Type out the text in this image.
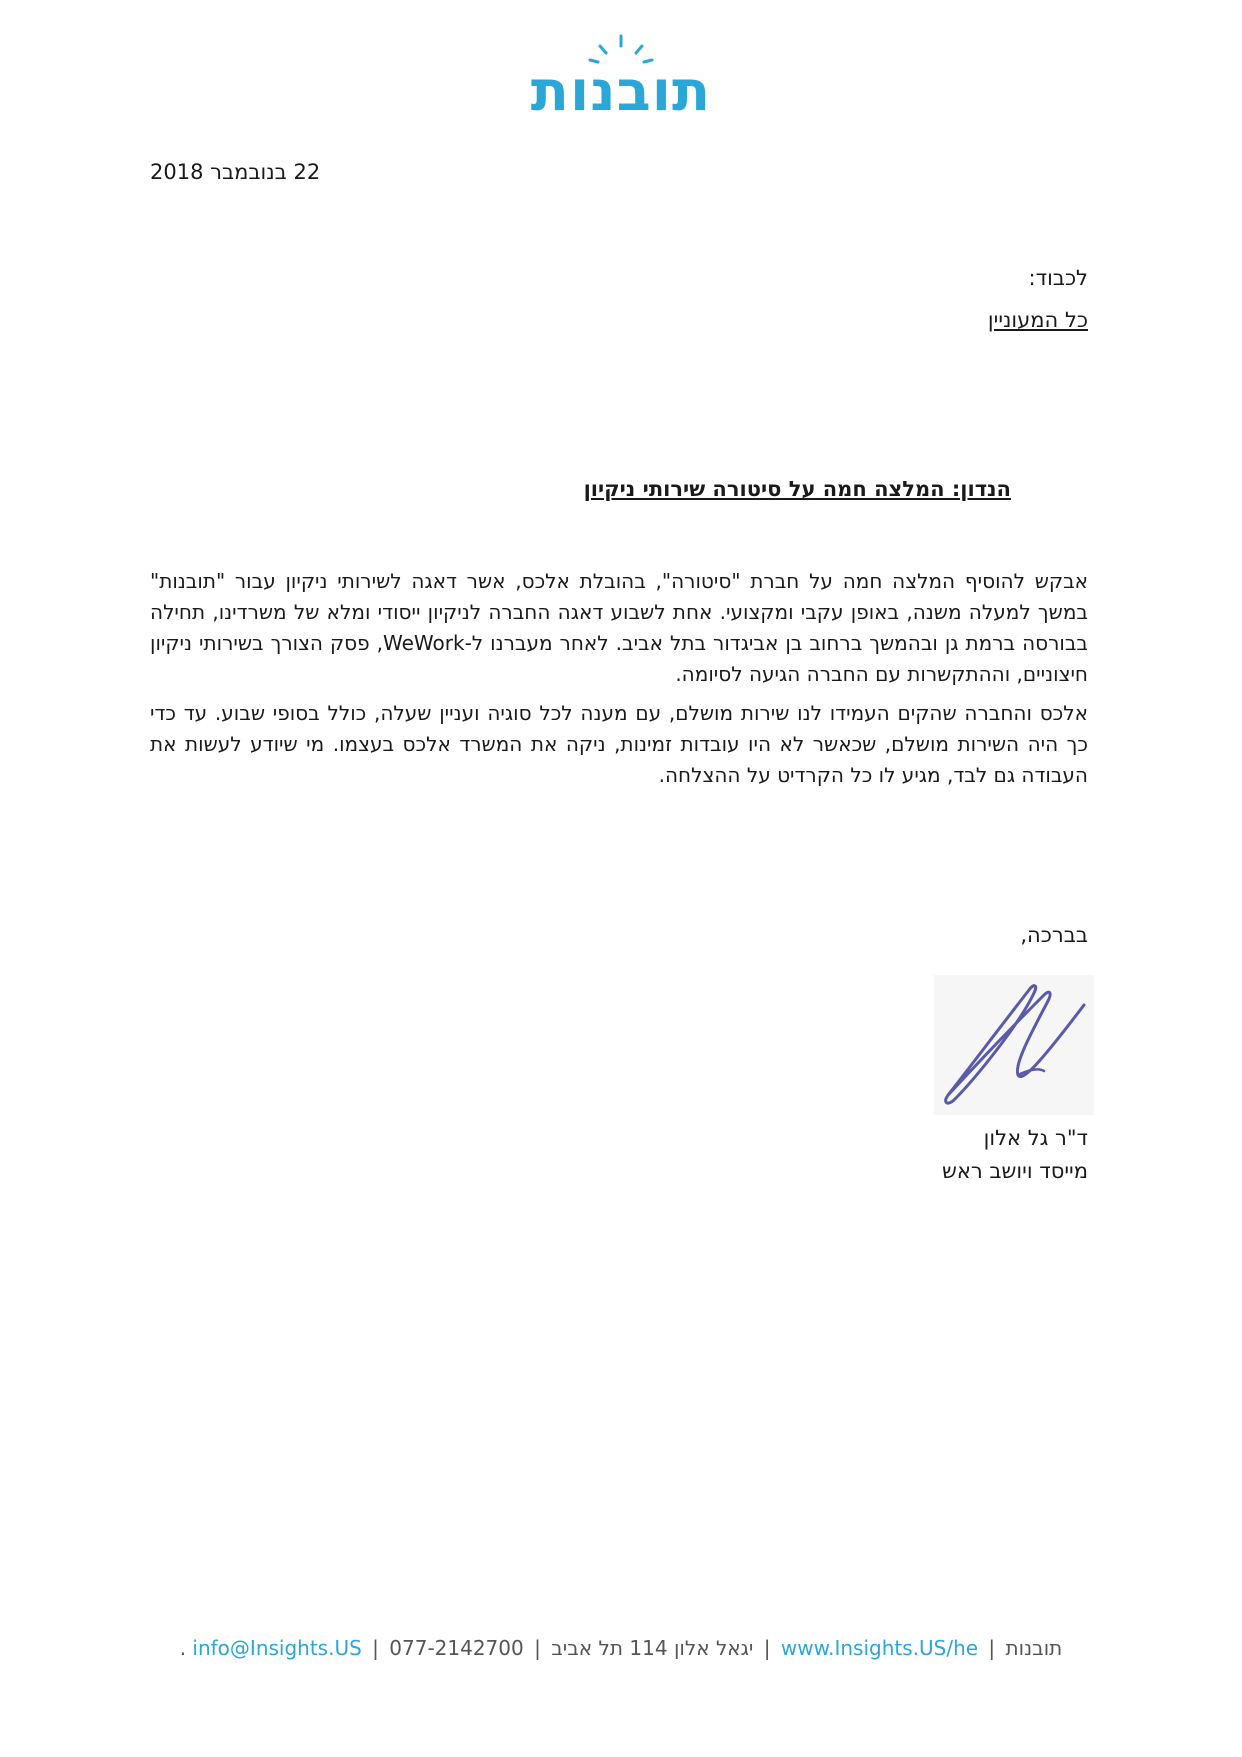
תובנות
22 בנובמבר 2018
לכבוד:
כל המעוניין
הנדון: המלצה חמה על סיטורה שירותי ניקיון

אבקש להוסיף המלצה חמה על חברת "סיטורה", בהובלת אלכס, אשר דאגה לשירותי ניקיון עבור "תובנות" במשך למעלה משנה, באופן עקבי ומקצועי. אחת לשבוע דאגה החברה לניקיון ייסודי ומלא של משרדינו, תחילה בבורסה ברמת גן ובהמשך ברחוב בן אביגדור בתל אביב. לאחר מעברנו ל-WeWork, פסק הצורך בשירותי ניקיון חיצוניים, וההתקשרות עם החברה הגיעה לסיומה.

אלכס והחברה שהקים העמידו לנו שירות מושלם, עם מענה לכל סוגיה ועניין שעלה, כולל בסופי שבוע. עד כדי כך היה השירות מושלם, שכאשר לא היו עובדות זמינות, ניקה את המשרד אלכס בעצמו. מי שיודע לעשות את העבודה גם לבד, מגיע לו כל הקרדיט על ההצלחה.

בברכה,
ד"ר גל אלון
מייסד ויושב ראש
תובנות | www.Insights.US/he | יגאל אלון 114 תל אביב | 077-2142700 | info@Insights.US .
